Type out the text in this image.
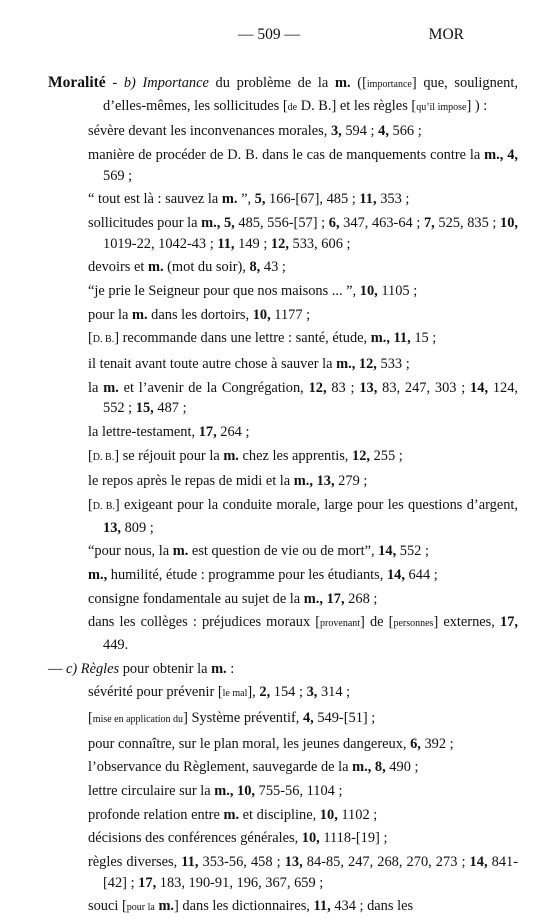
— 509 —	MOR

Moralité - b) Importance du problème de la m. ([importance] que, soulignent, d’elles-mêmes, les sollicitudes [de D. B.] et les règles [qu’il impose] ) :

sévère devant les inconvenances morales, 3, 594 ; 4, 566 ;

manière de procéder de D. B. dans le cas de manquements contre la m., 4, 569 ;

“ tout est là : sauvez la m. ”, 5, 166-[67], 485 ; 11, 353 ;

sollicitudes pour la m., 5, 485, 556-[57] ; 6, 347, 463-64 ; 7, 525, 835 ; 10, 1019-22, 1042-43 ; 11, 149 ; 12, 533, 606 ;

devoirs et m. (mot du soir), 8, 43 ;

“je prie le Seigneur pour que nos maisons ... ”, 10, 1105 ;

pour la m. dans les dortoirs, 10, 1177 ;

[D. B.] recommande dans une lettre : santé, étude, m., 11, 15 ;

il tenait avant toute autre chose à sauver la m., 12, 533 ;

la m. et l’avenir de la Congrégation, 12, 83 ; 13, 83, 247, 303 ; 14, 124, 552 ; 15, 487 ;

la lettre-testament, 17, 264 ;

[D. B.] se réjouit pour la m. chez les apprentis, 12, 255 ;

le repos après le repas de midi et la m., 13, 279 ;

[D. B.] exigeant pour la conduite morale, large pour les questions d’argent, 13, 809 ;

“pour nous, la m. est question de vie ou de mort”, 14, 552 ;

m., humilité, étude : programme pour les étudiants, 14, 644 ;

consigne fondamentale au sujet de la m., 17, 268 ;

dans les collèges : préjudices moraux [provenant] de [personnes] externes, 17, 449.

— c) Règles pour obtenir la m. :

sévérité pour prévenir [le mal], 2, 154 ; 3, 314 ;

[mise en application du] Système préventif, 4, 549-[51] ;

pour connaître, sur le plan moral, les jeunes dangereux, 6, 392 ;

l’observance du Règlement, sauvegarde de la m., 8, 490 ;

lettre circulaire sur la m., 10, 755-56, 1104 ;

profonde relation entre m. et discipline, 10, 1102 ;

décisions des conférences générales, 10, 1118-[19] ;

règles diverses, 11, 353-56, 458 ; 13, 84-85, 247, 268, 270, 273 ; 14, 841-[42] ; 17, 183, 190-91, 196, 367, 659 ;

souci [pour la m.] dans les dictionnaires, 11, 434 ; dans les
